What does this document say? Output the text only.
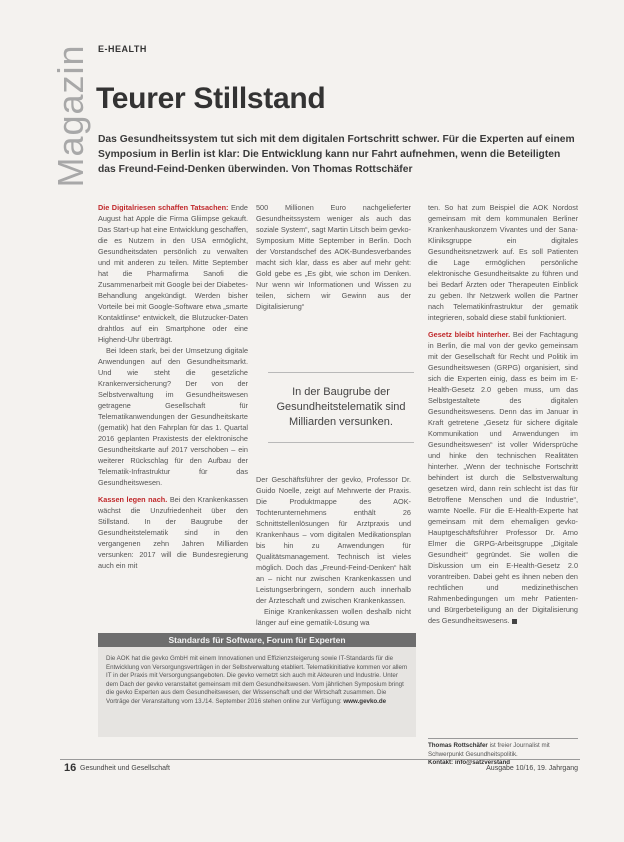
Magazin E-HEALTH
Teurer Stillstand

Das Gesundheitssystem tut sich mit dem digitalen Fortschritt schwer. Für die Experten auf einem Symposium in Berlin ist klar: Die Entwicklung kann nur Fahrt aufnehmen, wenn die Beteiligten das Freund-Feind-Denken überwinden. Von Thomas Rottschäfer

Die Digitalriesen schaffen Tatsachen: Ende August hat Apple die Firma Gliimpse gekauft. Das Start-up hat eine Entwicklung geschaffen, die es Nutzern in den USA ermöglicht, Gesundheitsdaten persönlich zu verwalten und mit anderen zu teilen. Mitte September hat die Pharmafirma Sanofi die Zusammenarbeit mit Google bei der Diabetes-Behandlung angekündigt. Werden bisher Vorteile bei mit Google-Software etwa „smarte Kontaktlinse“ entwickelt, die Blutzucker-Daten drahtlos auf ein Smartphone oder eine Highend-Uhr überträgt.

Bei Ideen stark, bei der Umsetzung digitale Anwendungen auf den Gesundheitsmarkt. Und wie steht die gesetzliche Krankenversicherung? Der von der Selbstverwaltung im Gesundheitswesen getragene Gesellschaft für Telematikanwendungen der Gesundheitskarte (gematik) hat den Fahrplan für das 1. Quartal 2016 geplanten Praxistests der elektronische Gesundheitskarte auf 2017 verschoben – ein weiterer Rückschlag für den Aufbau der Telematik-Infrastruktur für das Gesundheitswesen.

Kassen legen nach. Bei den Krankenkassen wächst die Unzufriedenheit über den Stillstand. In der Baugrube der Gesundheitstelematik sind in den vergangenen zehn Jahren Milliarden versunken: 2017 will die Bundesregierung auch ein mit

500 Millionen Euro nachgelieferter Gesundheitssystem weniger als auch das soziale System“, sagt Martin Litsch beim gevko-Symposium Mitte September in Berlin. Doch der Vorstandschef des AOK-Bundesverbandes macht sich klar, dass es aber auf mehr geht: Gold gebe es „Es gibt, wie schon im Denken. Nur wenn wir Informationen und Wissen zu teilen, sichern wir Gewinn aus der Digitalisierung“

Der Geschäftsführer der gevko, Professor Dr. Guido Noelle, zeigt auf Mehrwerte der Praxis. Die Produktmappe des AOK-Tochterunternehmens enthält 26 Schnittstellenlösungen für Arztpraxis und Krankenhaus – vom digitalen Medikationsplan bis hin zu Anwendungen für Qualitätsmanagement. Technisch ist vieles möglich. Doch das „Freund-Feind-Denken“ hält an – nicht nur zwischen Krankenkassen und Leistungserbringern, sondern auch innerhalb der Ärzteschaft und zwischen Krankenkassen.

Einige Krankenkassen wollen deshalb nicht länger auf eine gematik-Lösung wa

In der Baugrube der Gesundheitstelematik sind Milliarden versunken.

ten. So hat zum Beispiel die AOK Nordost gemeinsam mit dem kommunalen Berliner Krankenhauskonzern Vivantes und der Sana-Kliniksgruppe ein digitales Gesundheitsnetzwerk auf. Es soll Patienten die Lage ermöglichen persönliche elektronische Gesundheitsakte zu führen und bei Bedarf Ärzten oder Therapeuten Einblick zu geben. Ihr Netzwerk wollen die Partner nach Telematikinfrastruktur der gematik integrieren, sobald diese stabil funktioniert.

Gesetz bleibt hinterher. Bei der Fachtagung in Berlin, die mal von der gevko gemeinsam mit der Gesellschaft für Recht und Politik im Gesundheitswesen (GRPG) organisiert, sind sich die Experten einig, dass es beim im E-Health-Gesetz 2.0 geben muss, um das Selbstgestaltete des digitalen Gesundheitswesens. Denn das im Januar in Kraft getretene „Gesetz für sichere digitale Kommunikation und Anwendungen im Gesundheitswesen“ ist voller Widersprüche und hinke den technischen Realitäten hinterher. „Wenn der technische Fortschritt behindert ist durch die Selbstverwaltung gesetzen wird, dann rein schlecht ist das für Betroffene Menschen und die Industrie“, warnte Noelle. Für die E-Health-Experte hat gemeinsam mit dem ehemaligen gevko-Hauptgeschäftsführer Professor Dr. Arno Elmer die GRPG-Arbeitsgruppe „Digitale Gesundheit“ gegründet. Sie wollen die Diskussion um ein E-Health-Gesetz 2.0 vorantreiben. Dabei geht es ihnen neben den rechtlichen und medizinethischen Rahmenbedingungen um mehr Patienten- und Bürgerbeteiligung an der Digitalisierung des Gesundheitswesens.

Standards für Software, Forum für Experten
Die AOK hat die gevko GmbH mit einem Innovationen und Effizienzsteigerung sowie IT-Standards für die Entwicklung von Versorgungsverträgen in der Selbstverwaltung etabliert. Telematikinitiative kommen vor allem IT in der Praxis mit Versorgungsangeboten. Die gevko vernetzt sich auch mit Akteuren und Industrie. Unter dem Dach der gevko veranstaltet gemeinsam mit dem Gesundheitswesen. Vom jährlichen Symposium bringt die gevko Experten aus dem Gesundheitswesen, der Wissenschaft und der Wirtschaft zusammen. Die Vorträge der Veranstaltung vom 13./14. September 2016 stehen online zur Verfügung: www.gevko.de
Thomas Rottschäfer ist freier Journalist mit Schwerpunkt Gesundheitspolitik.
Kontakt: info@satzverstand
16 Gesundheit und Gesellschaft	Ausgabe 10/16, 19. Jahrgang
